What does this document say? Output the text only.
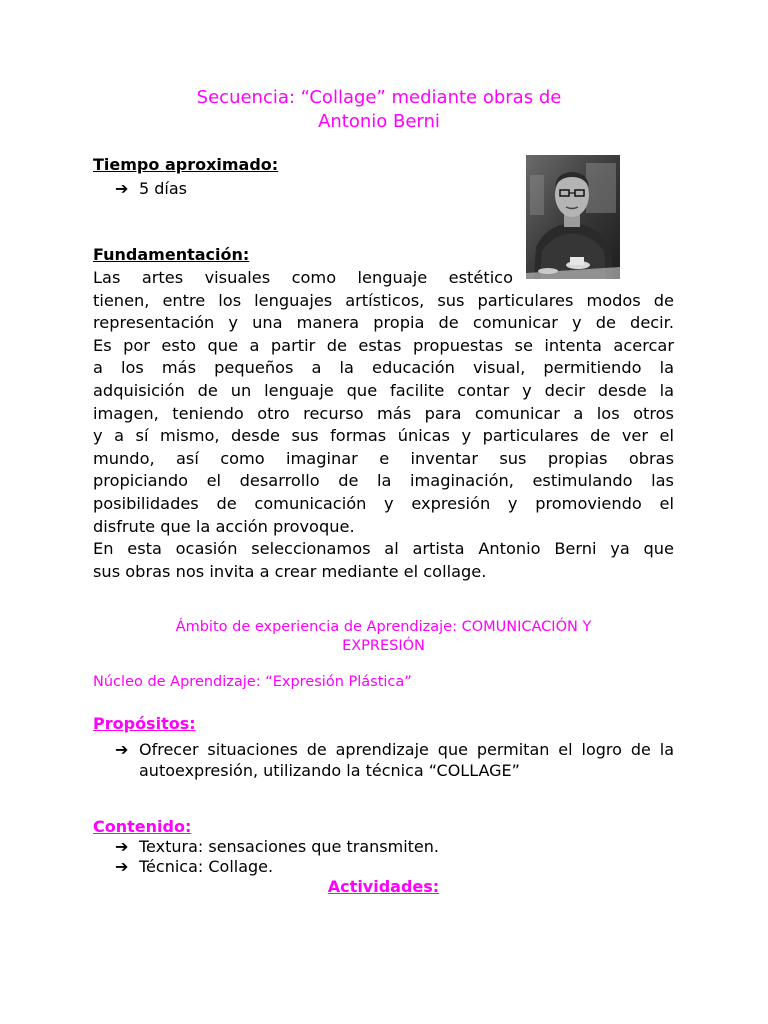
Secuencia: “Collage” mediante obras de
Antonio Berni
Tiempo aproximado:
➔ 5 días
Fundamentación:
Las artes visuales como lenguaje estético
tienen, entre los lenguajes artísticos, sus particulares modos de
representación y una manera propia de comunicar y de decir.
Es por esto que a partir de estas propuestas se intenta acercar
a los más pequeños a la educación visual, permitiendo la
adquisición de un lenguaje que facilite contar y decir desde la
imagen, teniendo otro recurso más para comunicar a los otros
y a sí mismo, desde sus formas únicas y particulares de ver el
mundo, así como imaginar e inventar sus propias obras
propiciando el desarrollo de la imaginación, estimulando las
posibilidades de comunicación y expresión y promoviendo el
disfrute que la acción provoque.
En esta ocasión seleccionamos al artista Antonio Berni ya que
sus obras nos invita a crear mediante el collage.
Ámbito de experiencia de Aprendizaje: COMUNICACIÓN Y
EXPRESIÓN
Núcleo de Aprendizaje: “Expresión Plástica”
Propósitos:
➔ Ofrecer situaciones de aprendizaje que permitan el logro de la autoexpresión, utilizando la técnica “COLLAGE”
Contenido:
➔ Textura: sensaciones que transmiten.
➔ Técnica: Collage.
Actividades:
